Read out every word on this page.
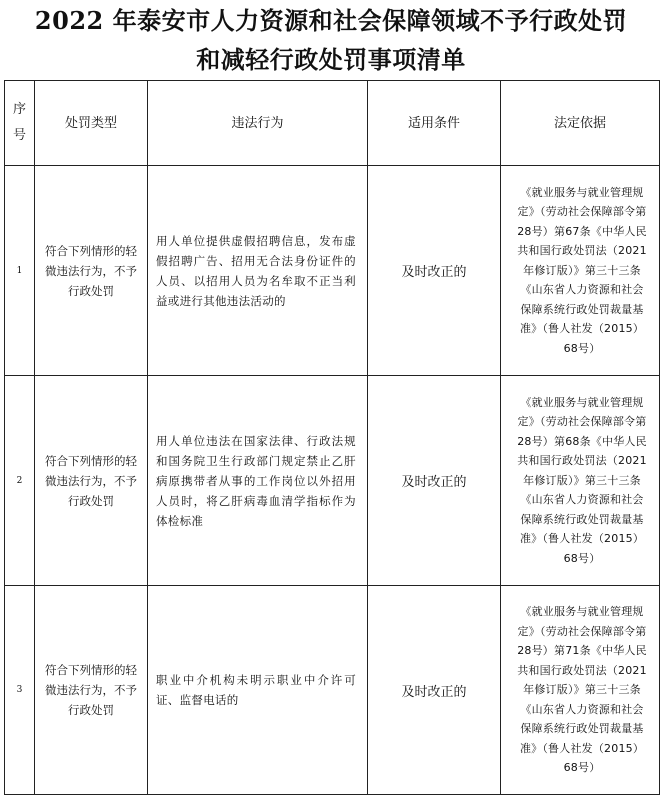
2022 年泰安市人力资源和社会保障领域不予行政处罚
和减轻行政处罚事项清单
序
号	处罚类型	违法行为	适用条件	法定依据
1	符合下列情形的轻微违法行为，不予行政处罚	用人单位提供虚假招聘信息，发布虚假招聘广告、招用无合法身份证件的人员、以招用人员为名牟取不正当利益或进行其他违法活动的	及时改正的	《就业服务与就业管理规定》（劳动社会保障部令第28号）第67条《中华人民共和国行政处罚法（2021年修订版）》第三十三条《山东省人力资源和社会保障系统行政处罚裁量基准》（鲁人社发（2015）68号）

2	符合下列情形的轻微违法行为，不予行政处罚	用人单位违法在国家法律、行政法规和国务院卫生行政部门规定禁止乙肝病原携带者从事的工作岗位以外招用人员时，将乙肝病毒血清学指标作为体检标准	及时改正的	《就业服务与就业管理规定》（劳动社会保障部令第28号）第68条《中华人民共和国行政处罚法（2021年修订版）》第三十三条《山东省人力资源和社会保障系统行政处罚裁量基准》（鲁人社发（2015）68号）

3	符合下列情形的轻微违法行为，不予行政处罚	职业中介机构未明示职业中介许可证、监督电话的	及时改正的	《就业服务与就业管理规定》（劳动社会保障部令第28号）第71条《中华人民共和国行政处罚法（2021年修订版）》第三十三条《山东省人力资源和社会保障系统行政处罚裁量基准》（鲁人社发（2015）68号）
